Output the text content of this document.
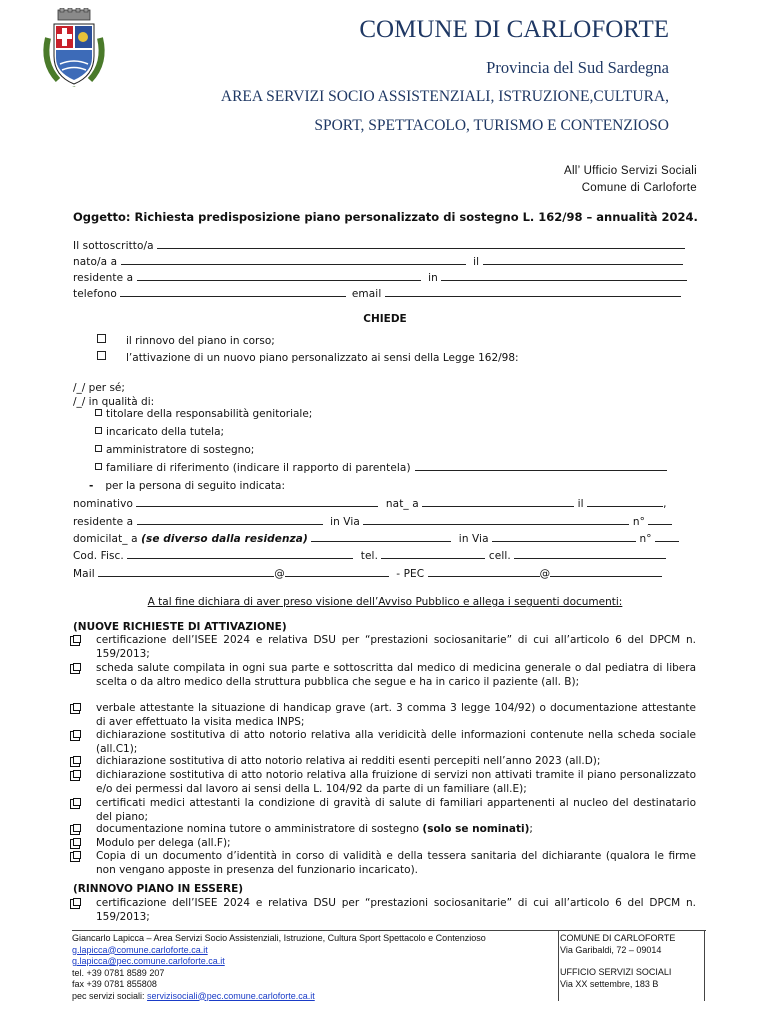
~
COMUNE DI CARLOFORTE
Provincia del Sud Sardegna
AREA SERVIZI SOCIO ASSISTENZIALI, ISTRUZIONE,CULTURA,
SPORT, SPETTACOLO, TURISMO E CONTENZIOSO
All’ Ufficio Servizi Sociali
Comune di Carloforte
Oggetto: Richiesta predisposizione piano personalizzato di sostegno L. 162/98 – annualità 2024.
Il sottoscritto/a
nato/a a	il
residente a	in
telefono	email
CHIEDE
il rinnovo del piano in corso;
l’attivazione di un nuovo piano personalizzato ai sensi della Legge 162/98:
/_/ per sé;
/_/ in qualità di:
titolare della responsabilità genitoriale;
incaricato della tutela;
amministratore di sostegno;
familiare di riferimento (indicare il rapporto di parentela)
- per la persona di seguito indicata:
nominativo	nat_ a	il	,
residente a	in Via	n°
domicilat_ a (se diverso dalla residenza)	in Via	n°
Cod. Fisc.	tel.	cell.
Mail	@	- PEC	@
A tal fine dichiara di aver preso visione dell’Avviso Pubblico e allega i seguenti documenti:
(NUOVE RICHIESTE DI ATTIVAZIONE)
certificazione dell’ISEE 2024 e relativa DSU per “prestazioni sociosanitarie” di cui all’articolo 6 del DPCM n. 159/2013;
scheda salute compilata in ogni sua parte e sottoscritta dal medico di medicina generale o dal pediatra di libera scelta o da altro medico della struttura pubblica che segue e ha in carico il paziente (all. B);
verbale attestante la situazione di handicap grave (art. 3 comma 3 legge 104/92) o documentazione attestante di aver effettuato la visita medica INPS;
dichiarazione sostitutiva di atto notorio relativa alla veridicità delle informazioni contenute nella scheda sociale (all.C1);
dichiarazione sostitutiva di atto notorio relativa ai redditi esenti percepiti nell’anno 2023 (all.D);
dichiarazione sostitutiva di atto notorio relativa alla fruizione di servizi non attivati tramite il piano personalizzato e/o dei permessi dal lavoro ai sensi della L. 104/92 da parte di un familiare (all.E);
certificati medici attestanti la condizione di gravità di salute di familiari appartenenti al nucleo del destinatario del piano;
documentazione nomina tutore o amministratore di sostegno (solo se nominati);
Modulo per delega (all.F);
Copia di un documento d’identità in corso di validità e della tessera sanitaria del dichiarante (qualora le firme non vengano apposte in presenza del funzionario incaricato).
(RINNOVO PIANO IN ESSERE)
certificazione dell’ISEE 2024 e relativa DSU per “prestazioni sociosanitarie” di cui all’articolo 6 del DPCM n. 159/2013;
Giancarlo Lapicca – Area Servizi Socio Assistenziali, Istruzione, Cultura Sport Spettacolo e Contenzioso
g.lapicca@comune.carloforte.ca.it
g.lapicca@pec.comune.carloforte.ca.it
tel. +39 0781 8589 207
fax +39 0781 855808
pec servizi sociali: servizisociali@pec.comune.carloforte.ca.it
COMUNE DI CARLOFORTE
Via Garibaldi, 72 – 09014
UFFICIO SERVIZI SOCIALI
Via XX settembre, 183 B
